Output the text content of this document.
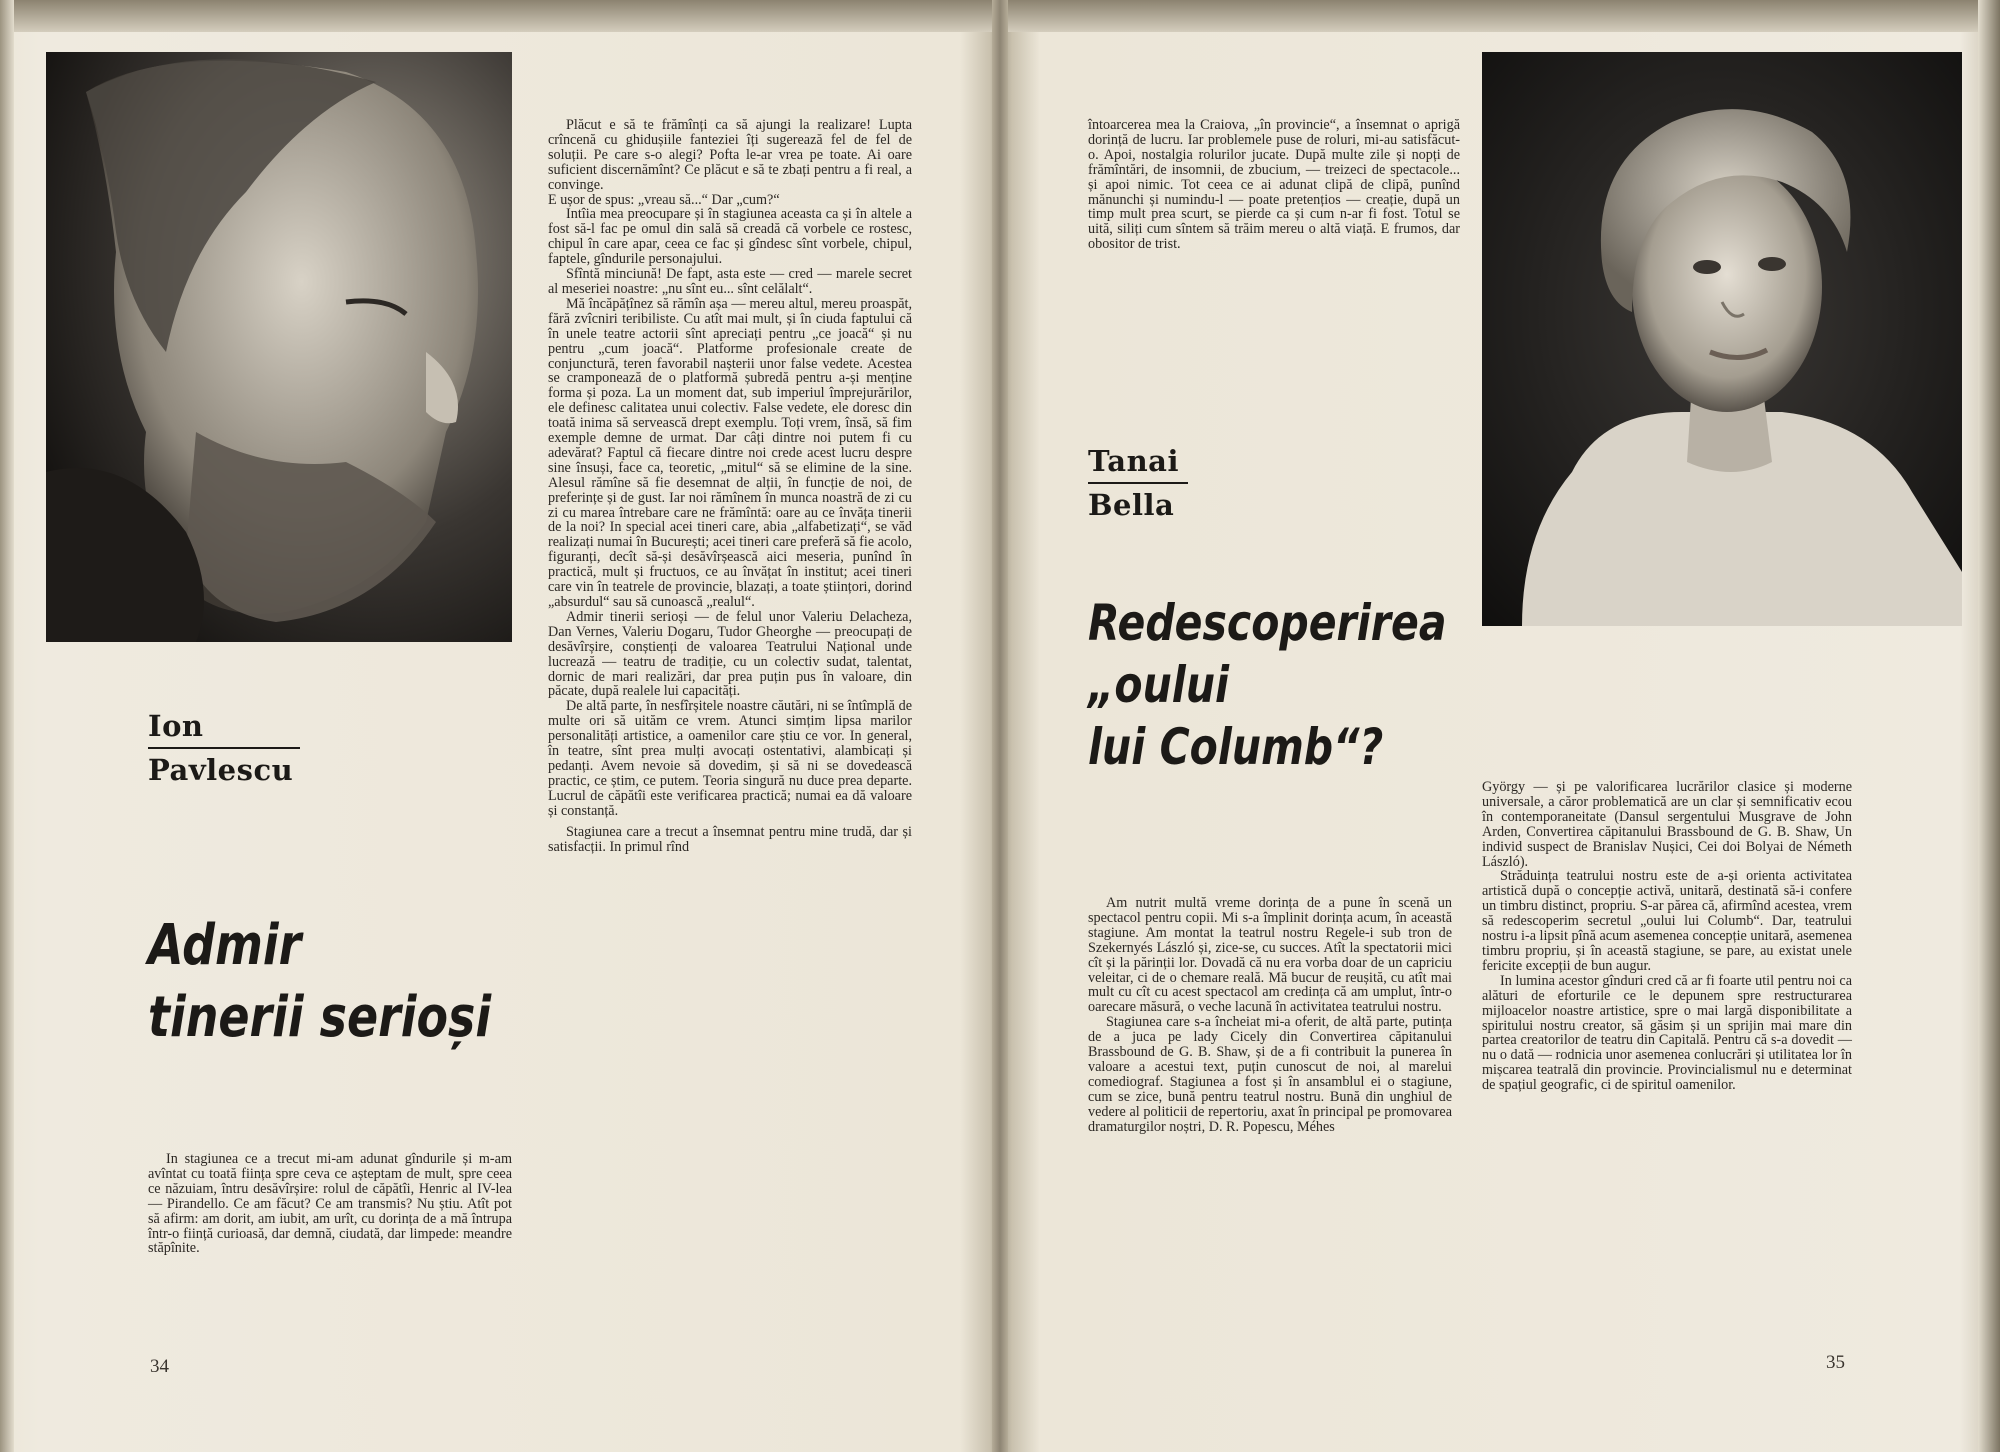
Ion
Pavlescu
Admir
tinerii serioși

In stagiunea ce a trecut mi-am adunat gîndurile și m-am avîntat cu toată ființa spre ceva ce așteptam de mult, spre ceea ce năzuiam, întru desăvîrșire: rolul de căpătîi, Henric al IV-lea — Pirandello. Ce am făcut? Ce am transmis? Nu știu. Atît pot să afirm: am dorit, am iubit, am urît, cu dorința de a mă întrupa într-o ființă curioasă, dar demnă, ciudată, dar limpede: meandre stăpînite.

Plăcut e să te frămînți ca să ajungi la realizare! Lupta crîncenă cu ghidușiile fanteziei îți sugerează fel de fel de soluții. Pe care s-o alegi? Pofta le-ar vrea pe toate. Ai oare suficient discernămînt? Ce plăcut e să te zbați pentru a fi real, a convinge.

E ușor de spus: „vreau să...“ Dar „cum?“

Intîia mea preocupare și în stagiunea aceasta ca și în altele a fost să-l fac pe omul din sală să creadă că vorbele ce rostesc, chipul în care apar, ceea ce fac și gîndesc sînt vorbele, chipul, faptele, gîndurile personajului.

Sfîntă minciună! De fapt, asta este — cred — marele secret al meseriei noastre: „nu sînt eu... sînt celălalt“.

Mă încăpățînez să rămîn așa — mereu altul, mereu proaspăt, fără zvîcniri teribiliste. Cu atît mai mult, și în ciuda faptului că în unele teatre actorii sînt apreciați pentru „ce joacă“ și nu pentru „cum joacă“. Platforme profesionale create de conjunctură, teren favorabil nașterii unor false vedete. Acestea se cramponează de o platformă șubredă pentru a-și menține forma și poza. La un moment dat, sub imperiul împrejurărilor, ele definesc calitatea unui colectiv. False vedete, ele doresc din toată inima să servească drept exemplu. Toți vrem, însă, să fim exemple demne de urmat. Dar câți dintre noi putem fi cu adevărat? Faptul că fiecare dintre noi crede acest lucru despre sine însuși, face ca, teoretic, „mitul“ să se elimine de la sine. Alesul rămîne să fie desemnat de alții, în funcție de noi, de preferințe și de gust. Iar noi rămînem în munca noastră de zi cu zi cu marea întrebare care ne frămîntă: oare au ce învăța tinerii de la noi? In special acei tineri care, abia „alfabetizați“, se văd realizați numai în București; acei tineri care preferă să fie acolo, figuranți, decît să-și desăvîrșească aici meseria, punînd în practică, mult și fructuos, ce au învățat în institut; acei tineri care vin în teatrele de provincie, blazați, a toate științori, dorind „absurdul“ sau să cunoască „realul“.

Admir tinerii serioși — de felul unor Valeriu Delacheza, Dan Vernes, Valeriu Dogaru, Tudor Gheorghe — preocupați de desăvîrșire, conștienți de valoarea Teatrului Național unde lucrează — teatru de tradiție, cu un colectiv sudat, talentat, dornic de mari realizări, dar prea puțin pus în valoare, din păcate, după realele lui capacități.

De altă parte, în nesfîrșitele noastre căutări, ni se întîmplă de multe ori să uităm ce vrem. Atunci simțim lipsa marilor personalități artistice, a oamenilor care știu ce vor. In general, în teatre, sînt prea mulți avocați ostentativi, alambicați și pedanți. Avem nevoie să dovedim, și să ni se dovedească practic, ce știm, ce putem. Teoria singură nu duce prea departe. Lucrul de căpătîi este verificarea practică; numai ea dă valoare și constanță.

Stagiunea care a trecut a însemnat pentru mine trudă, dar și satisfacții. In primul rînd

34

întoarcerea mea la Craiova, „în provincie“, a însemnat o aprigă dorință de lucru. Iar problemele puse de roluri, mi-au satisfăcut-o. Apoi, nostalgia rolurilor jucate. După multe zile și nopți de frămîntări, de insomnii, de zbucium, — treizeci de spectacole... și apoi nimic. Tot ceea ce ai adunat clipă de clipă, punînd mănunchi și numindu-l — poate pretențios — creație, după un timp mult prea scurt, se pierde ca și cum n-ar fi fost. Totul se uită, siliți cum sîntem să trăim mereu o altă viață. E frumos, dar obositor de trist.

Tanai
Bella
Redescoperirea
„oului
lui Columb“?

Am nutrit multă vreme dorința de a pune în scenă un spectacol pentru copii. Mi s-a împlinit dorința acum, în această stagiune. Am montat la teatrul nostru Regele-i sub tron de Szekernyés László și, zice-se, cu succes. Atît la spectatorii mici cît și la părinții lor. Dovadă că nu era vorba doar de un capriciu veleitar, ci de o chemare reală. Mă bucur de reușită, cu atît mai mult cu cît cu acest spectacol am credința că am umplut, într-o oarecare măsură, o veche lacună în activitatea teatrului nostru.

Stagiunea care s-a încheiat mi-a oferit, de altă parte, putința de a juca pe lady Cicely din Convertirea căpitanului Brassbound de G. B. Shaw, și de a fi contribuit la punerea în valoare a acestui text, puțin cunoscut de noi, al marelui comediograf. Stagiunea a fost și în ansamblul ei o stagiune, cum se zice, bună pentru teatrul nostru. Bună din unghiul de vedere al politicii de repertoriu, axat în principal pe promovarea dramaturgilor noștri, D. R. Popescu, Méhes

György — și pe valorificarea lucrărilor clasice și moderne universale, a căror problematică are un clar și semnificativ ecou în contemporaneitate (Dansul sergentului Musgrave de John Arden, Convertirea căpitanului Brassbound de G. B. Shaw, Un individ suspect de Branislav Nușici, Cei doi Bolyai de Németh László).

Străduința teatrului nostru este de a-și orienta activitatea artistică după o concepție activă, unitară, destinată să-i confere un timbru distinct, propriu. S-ar părea că, afirmînd acestea, vrem să redescoperim secretul „oului lui Columb“. Dar, teatrului nostru i-a lipsit pînă acum asemenea concepție unitară, asemenea timbru propriu, și în această stagiune, se pare, au existat unele fericite excepții de bun augur.

In lumina acestor gînduri cred că ar fi foarte util pentru noi ca alături de eforturile ce le depunem spre restructurarea mijloacelor noastre artistice, spre o mai largă disponibilitate a spiritului nostru creator, să găsim și un sprijin mai mare din partea creatorilor de teatru din Capitală. Pentru că s-a dovedit — nu o dată — rodnicia unor asemenea conlucrări și utilitatea lor în mișcarea teatrală din provincie. Provincialismul nu e determinat de spațiul geografic, ci de spiritul oamenilor.

35
